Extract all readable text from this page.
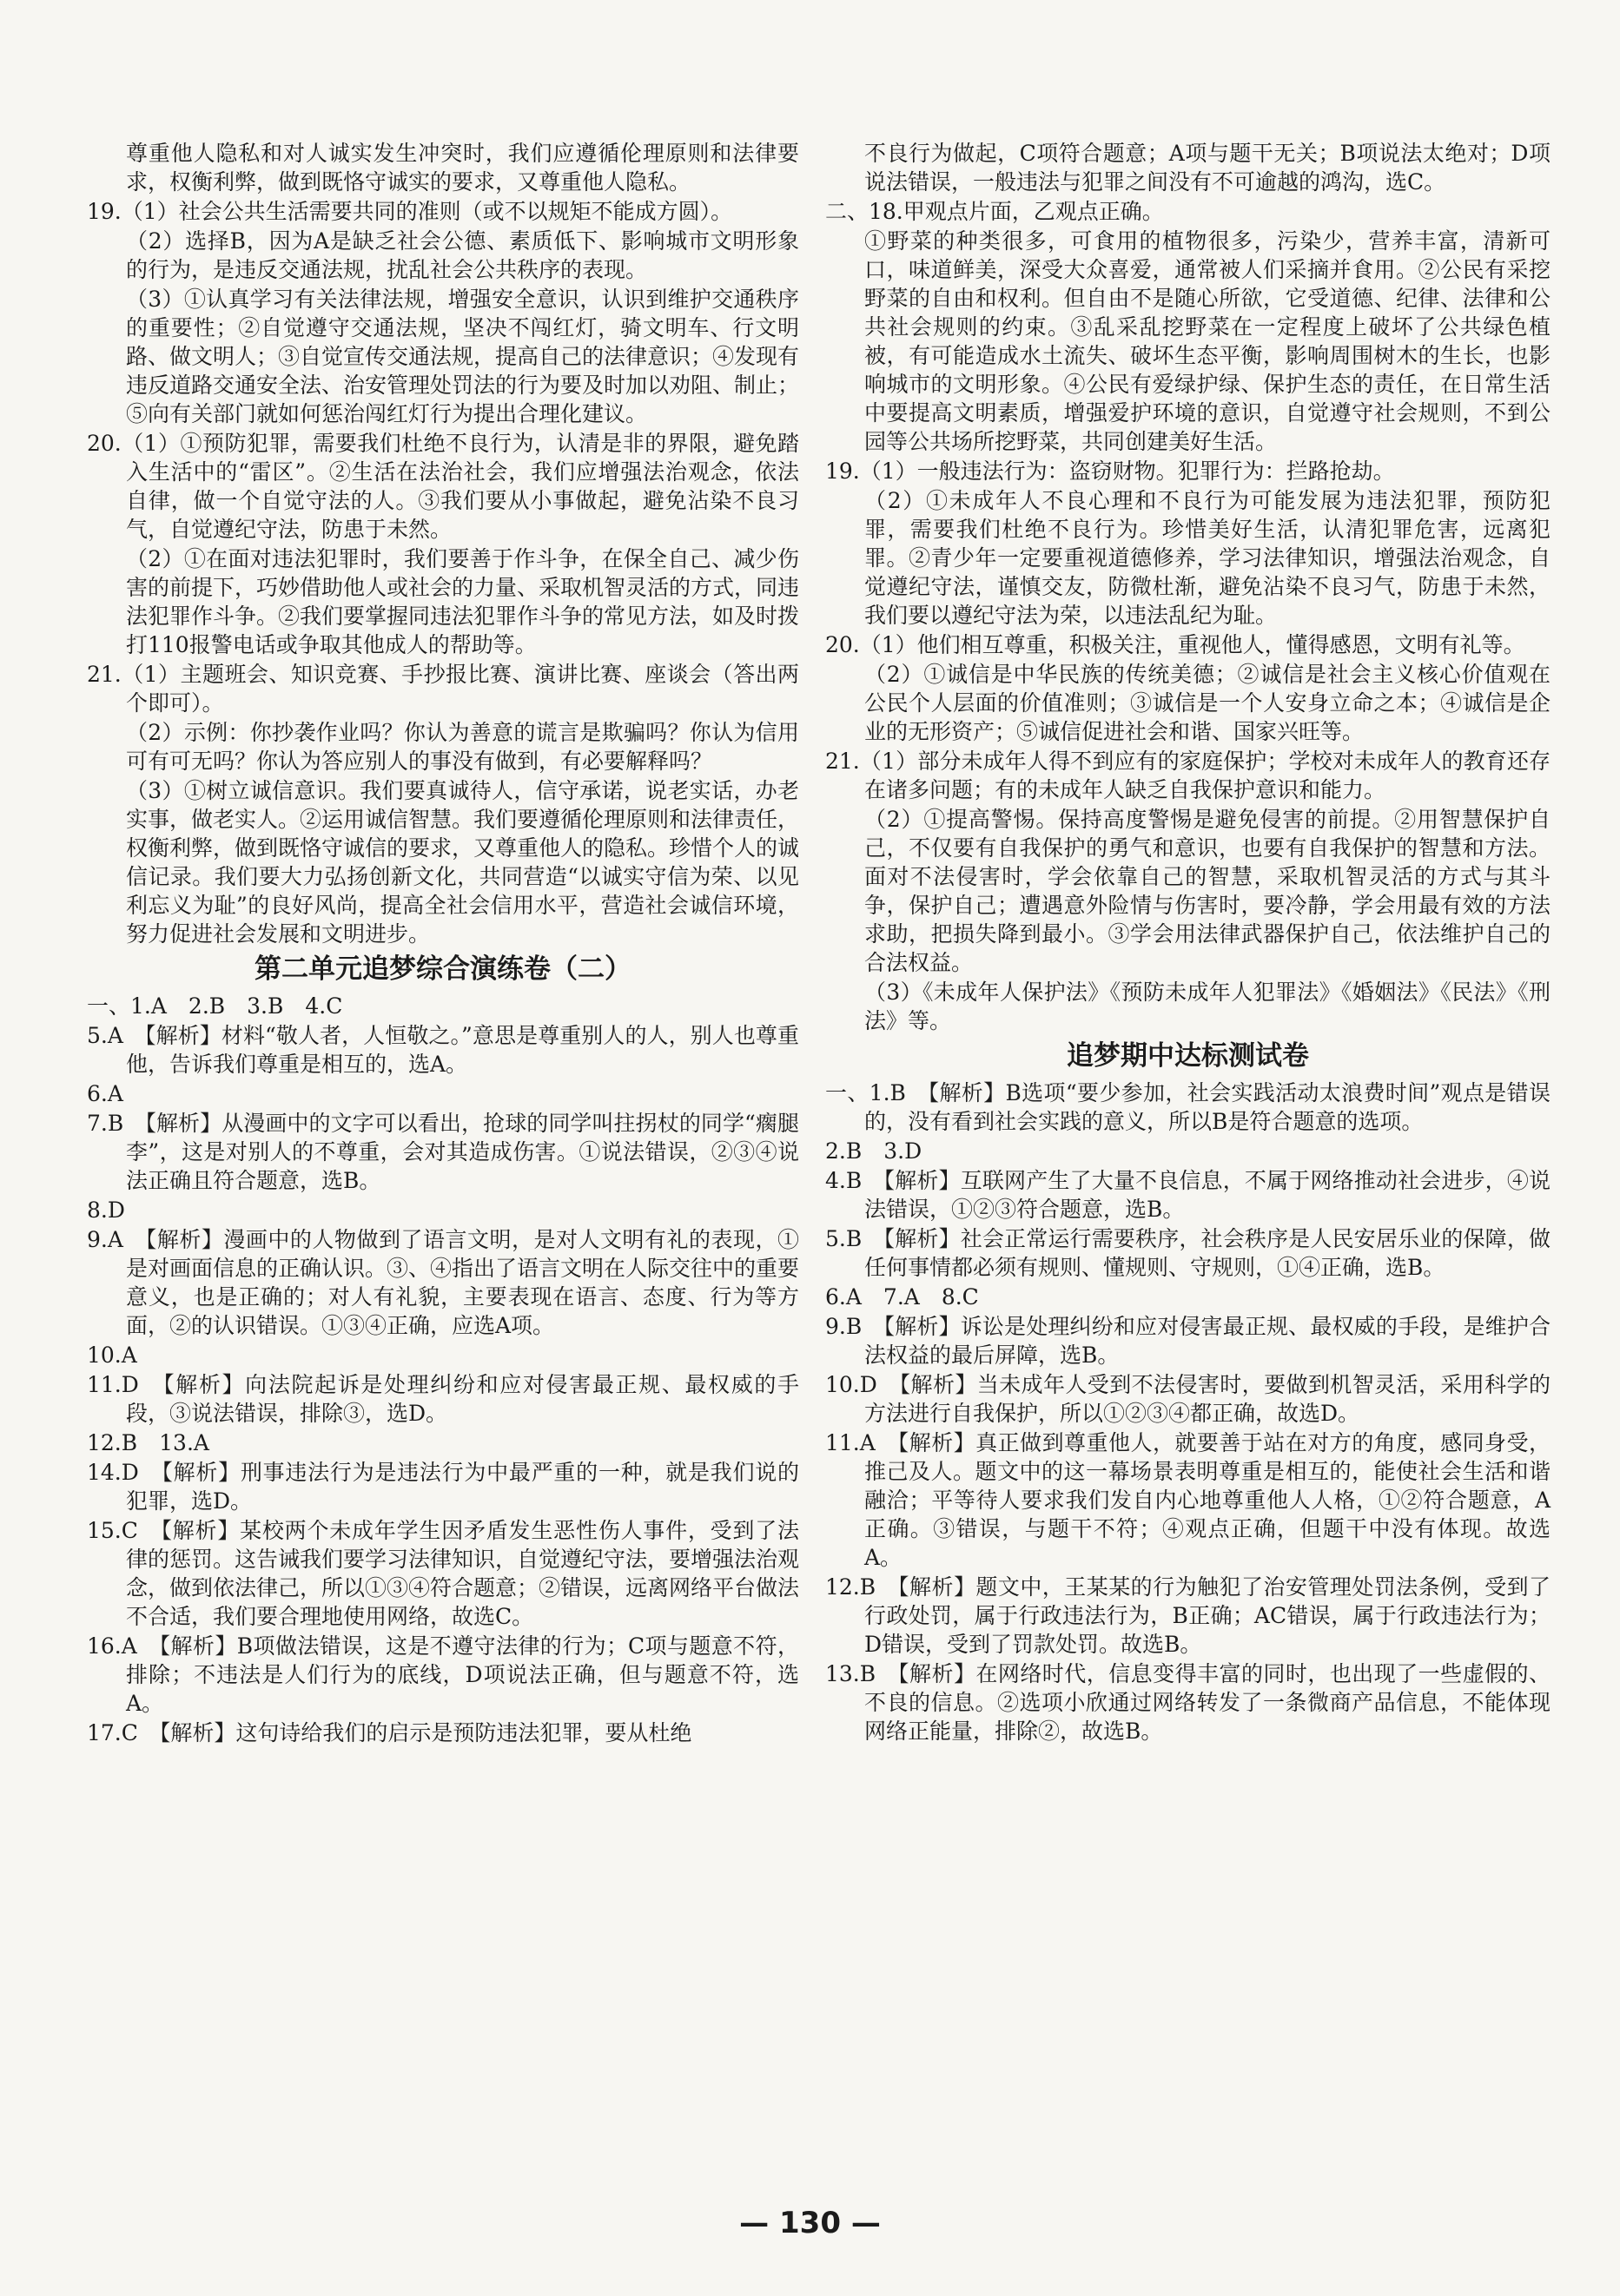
尊重他人隐私和对人诚实发生冲突时，我们应遵循伦理原则和法律要求，权衡利弊，做到既恪守诚实的要求，又尊重他人隐私。

19.（1）社会公共生活需要共同的准则（或不以规矩不能成方圆）。

（2）选择B，因为A是缺乏社会公德、素质低下、影响城市文明形象的行为，是违反交通法规，扰乱社会公共秩序的表现。

（3）①认真学习有关法律法规，增强安全意识，认识到维护交通秩序的重要性；②自觉遵守交通法规，坚决不闯红灯，骑文明车、行文明路、做文明人；③自觉宣传交通法规，提高自己的法律意识；④发现有违反道路交通安全法、治安管理处罚法的行为要及时加以劝阻、制止；⑤向有关部门就如何惩治闯红灯行为提出合理化建议。

20.（1）①预防犯罪，需要我们杜绝不良行为，认清是非的界限，避免踏入生活中的“雷区”。②生活在法治社会，我们应增强法治观念，依法自律，做一个自觉守法的人。③我们要从小事做起，避免沾染不良习气，自觉遵纪守法，防患于未然。

（2）①在面对违法犯罪时，我们要善于作斗争，在保全自己、减少伤害的前提下，巧妙借助他人或社会的力量、采取机智灵活的方式，同违法犯罪作斗争。②我们要掌握同违法犯罪作斗争的常见方法，如及时拨打110报警电话或争取其他成人的帮助等。

21.（1）主题班会、知识竞赛、手抄报比赛、演讲比赛、座谈会（答出两个即可）。

（2）示例：你抄袭作业吗？你认为善意的谎言是欺骗吗？你认为信用可有可无吗？你认为答应别人的事没有做到，有必要解释吗？

（3）①树立诚信意识。我们要真诚待人，信守承诺，说老实话，办老实事，做老实人。②运用诚信智慧。我们要遵循伦理原则和法律责任，权衡利弊，做到既恪守诚信的要求，又尊重他人的隐私。珍惜个人的诚信记录。我们要大力弘扬创新文化，共同营造“以诚实守信为荣、以见利忘义为耻”的良好风尚，提高全社会信用水平，营造社会诚信环境，努力促进社会发展和文明进步。

第二单元追梦综合演练卷（二）

一、1.A　2.B　3.B　4.C

5.A　【解析】材料“敬人者，人恒敬之。”意思是尊重别人的人，别人也尊重他，告诉我们尊重是相互的，选A。

6.A

7.B　【解析】从漫画中的文字可以看出，抢球的同学叫拄拐杖的同学“瘸腿李”，这是对别人的不尊重，会对其造成伤害。①说法错误，②③④说法正确且符合题意，选B。

8.D

9.A　【解析】漫画中的人物做到了语言文明，是对人文明有礼的表现，①是对画面信息的正确认识。③、④指出了语言文明在人际交往中的重要意义，也是正确的；对人有礼貌，主要表现在语言、态度、行为等方面，②的认识错误。①③④正确，应选A项。

10.A

11.D　【解析】向法院起诉是处理纠纷和应对侵害最正规、最权威的手段，③说法错误，排除③，选D。

12.B　13.A

14.D　【解析】刑事违法行为是违法行为中最严重的一种，就是我们说的犯罪，选D。

15.C　【解析】某校两个未成年学生因矛盾发生恶性伤人事件，受到了法律的惩罚。这告诫我们要学习法律知识，自觉遵纪守法，要增强法治观念，做到依法律己，所以①③④符合题意；②错误，远离网络平台做法不合适，我们要合理地使用网络，故选C。

16.A　【解析】B项做法错误，这是不遵守法律的行为；C项与题意不符，排除；不违法是人们行为的底线，D项说法正确，但与题意不符，选A。

17.C　【解析】这句诗给我们的启示是预防违法犯罪，要从杜绝

不良行为做起，C项符合题意；A项与题干无关；B项说法太绝对；D项说法错误，一般违法与犯罪之间没有不可逾越的鸿沟，选C。

二、18.甲观点片面，乙观点正确。

①野菜的种类很多，可食用的植物很多，污染少，营养丰富，清新可口，味道鲜美，深受大众喜爱，通常被人们采摘并食用。②公民有采挖野菜的自由和权利。但自由不是随心所欲，它受道德、纪律、法律和公共社会规则的约束。③乱采乱挖野菜在一定程度上破坏了公共绿色植被，有可能造成水土流失、破坏生态平衡，影响周围树木的生长，也影响城市的文明形象。④公民有爱绿护绿、保护生态的责任，在日常生活中要提高文明素质，增强爱护环境的意识，自觉遵守社会规则，不到公园等公共场所挖野菜，共同创建美好生活。

19.（1）一般违法行为：盗窃财物。犯罪行为：拦路抢劫。

（2）①未成年人不良心理和不良行为可能发展为违法犯罪，预防犯罪，需要我们杜绝不良行为。珍惜美好生活，认清犯罪危害，远离犯罪。②青少年一定要重视道德修养，学习法律知识，增强法治观念，自觉遵纪守法，谨慎交友，防微杜渐，避免沾染不良习气，防患于未然，我们要以遵纪守法为荣，以违法乱纪为耻。

20.（1）他们相互尊重，积极关注，重视他人，懂得感恩，文明有礼等。

（2）①诚信是中华民族的传统美德；②诚信是社会主义核心价值观在公民个人层面的价值准则；③诚信是一个人安身立命之本；④诚信是企业的无形资产；⑤诚信促进社会和谐、国家兴旺等。

21.（1）部分未成年人得不到应有的家庭保护；学校对未成年人的教育还存在诸多问题；有的未成年人缺乏自我保护意识和能力。

（2）①提高警惕。保持高度警惕是避免侵害的前提。②用智慧保护自己，不仅要有自我保护的勇气和意识，也要有自我保护的智慧和方法。面对不法侵害时，学会依靠自己的智慧，采取机智灵活的方式与其斗争，保护自己；遭遇意外险情与伤害时，要冷静，学会用最有效的方法求助，把损失降到最小。③学会用法律武器保护自己，依法维护自己的合法权益。

（3）《未成年人保护法》《预防未成年人犯罪法》《婚姻法》《民法》《刑法》等。

追梦期中达标测试卷

一、1.B　【解析】B选项“要少参加，社会实践活动太浪费时间”观点是错误的，没有看到社会实践的意义，所以B是符合题意的选项。

2.B　3.D

4.B　【解析】互联网产生了大量不良信息，不属于网络推动社会进步，④说法错误，①②③符合题意，选B。

5.B　【解析】社会正常运行需要秩序，社会秩序是人民安居乐业的保障，做任何事情都必须有规则、懂规则、守规则，①④正确，选B。

6.A　7.A　8.C

9.B　【解析】诉讼是处理纠纷和应对侵害最正规、最权威的手段，是维护合法权益的最后屏障，选B。

10.D　【解析】当未成年人受到不法侵害时，要做到机智灵活，采用科学的方法进行自我保护，所以①②③④都正确，故选D。

11.A　【解析】真正做到尊重他人，就要善于站在对方的角度，感同身受，推己及人。题文中的这一幕场景表明尊重是相互的，能使社会生活和谐融洽；平等待人要求我们发自内心地尊重他人人格，①②符合题意，A正确。③错误，与题干不符；④观点正确，但题干中没有体现。故选A。

12.B　【解析】题文中，王某某的行为触犯了治安管理处罚法条例，受到了行政处罚，属于行政违法行为，B正确；AC错误，属于行政违法行为；D错误，受到了罚款处罚。故选B。

13.B　【解析】在网络时代，信息变得丰富的同时，也出现了一些虚假的、不良的信息。②选项小欣通过网络转发了一条微商产品信息，不能体现网络正能量，排除②，故选B。

— 130 —
